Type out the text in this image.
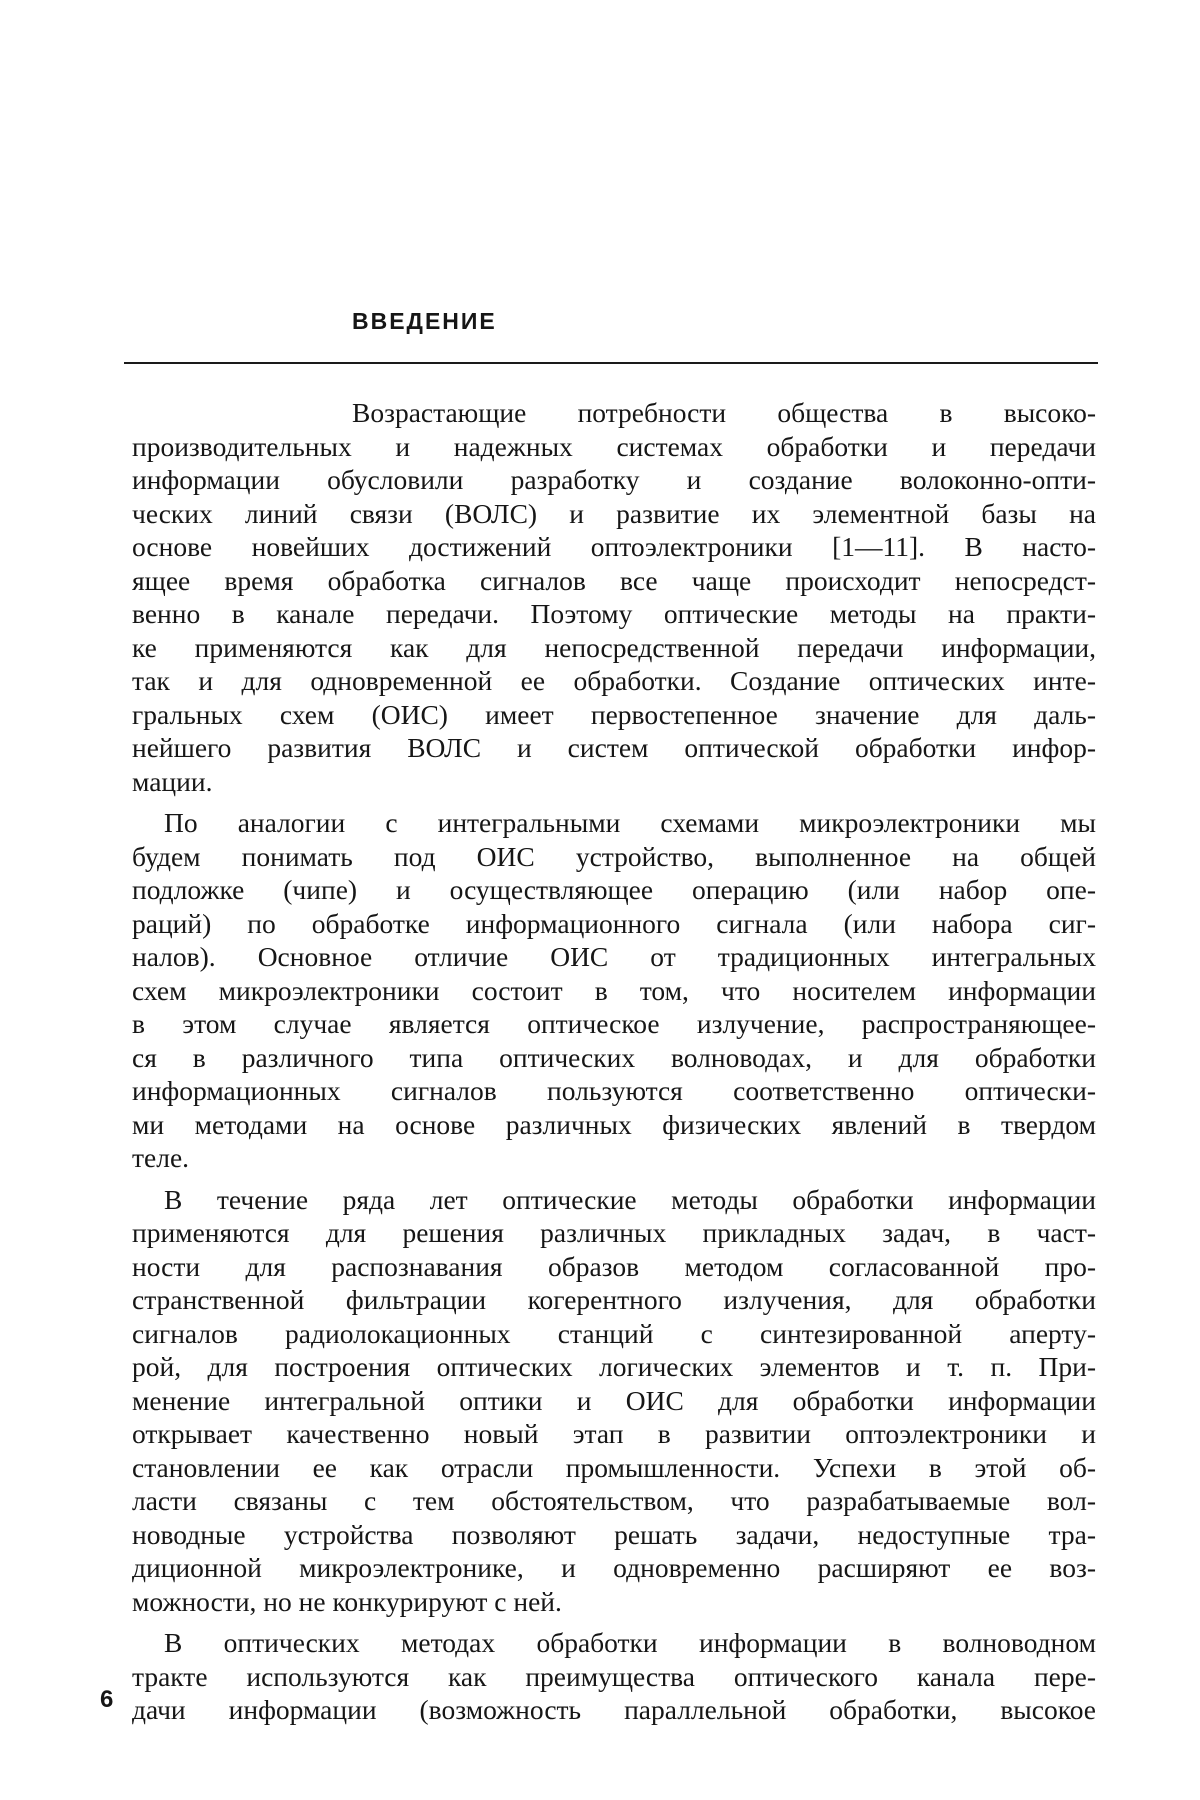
ВВЕДЕНИЕ
Возрастающие потребности общества в высоко-
производительных и надежных системах обработки и передачи
информации обусловили разработку и создание волоконно-опти-
ческих линий связи (ВОЛС) и развитие их элементной базы на
основе новейших достижений оптоэлектроники [1—11]. В насто-
ящее время обработка сигналов все чаще происходит непосредст-
венно в канале передачи. Поэтому оптические методы на практи-
ке применяются как для непосредственной передачи информации,
так и для одновременной ее обработки. Создание оптических инте-
гральных схем (ОИС) имеет первостепенное значение для даль-
нейшего развития ВОЛС и систем оптической обработки инфор-
мации.
По аналогии с интегральными схемами микроэлектроники мы
будем понимать под ОИС устройство, выполненное на общей
подложке (чипе) и осуществляющее операцию (или набор опе-
раций) по обработке информационного сигнала (или набора сиг-
налов). Основное отличие ОИС от традиционных интегральных
схем микроэлектроники состоит в том, что носителем информации
в этом случае является оптическое излучение, распространяющее-
ся в различного типа оптических волноводах, и для обработки
информационных сигналов пользуются соответственно оптически-
ми методами на основе различных физических явлений в твердом
теле.
В течение ряда лет оптические методы обработки информации
применяются для решения различных прикладных задач, в част-
ности для распознавания образов методом согласованной про-
странственной фильтрации когерентного излучения, для обработки
сигналов радиолокационных станций с синтезированной аперту-
рой, для построения оптических логических элементов и т. п. При-
менение интегральной оптики и ОИС для обработки информации
открывает качественно новый этап в развитии оптоэлектроники и
становлении ее как отрасли промышленности. Успехи в этой об-
ласти связаны с тем обстоятельством, что разрабатываемые вол-
новодные устройства позволяют решать задачи, недоступные тра-
диционной микроэлектронике, и одновременно расширяют ее воз-
можности, но не конкурируют с ней.
В оптических методах обработки информации в волноводном
тракте используются как преимущества оптического канала пере-
дачи информации (возможность параллельной обработки, высокое
6
